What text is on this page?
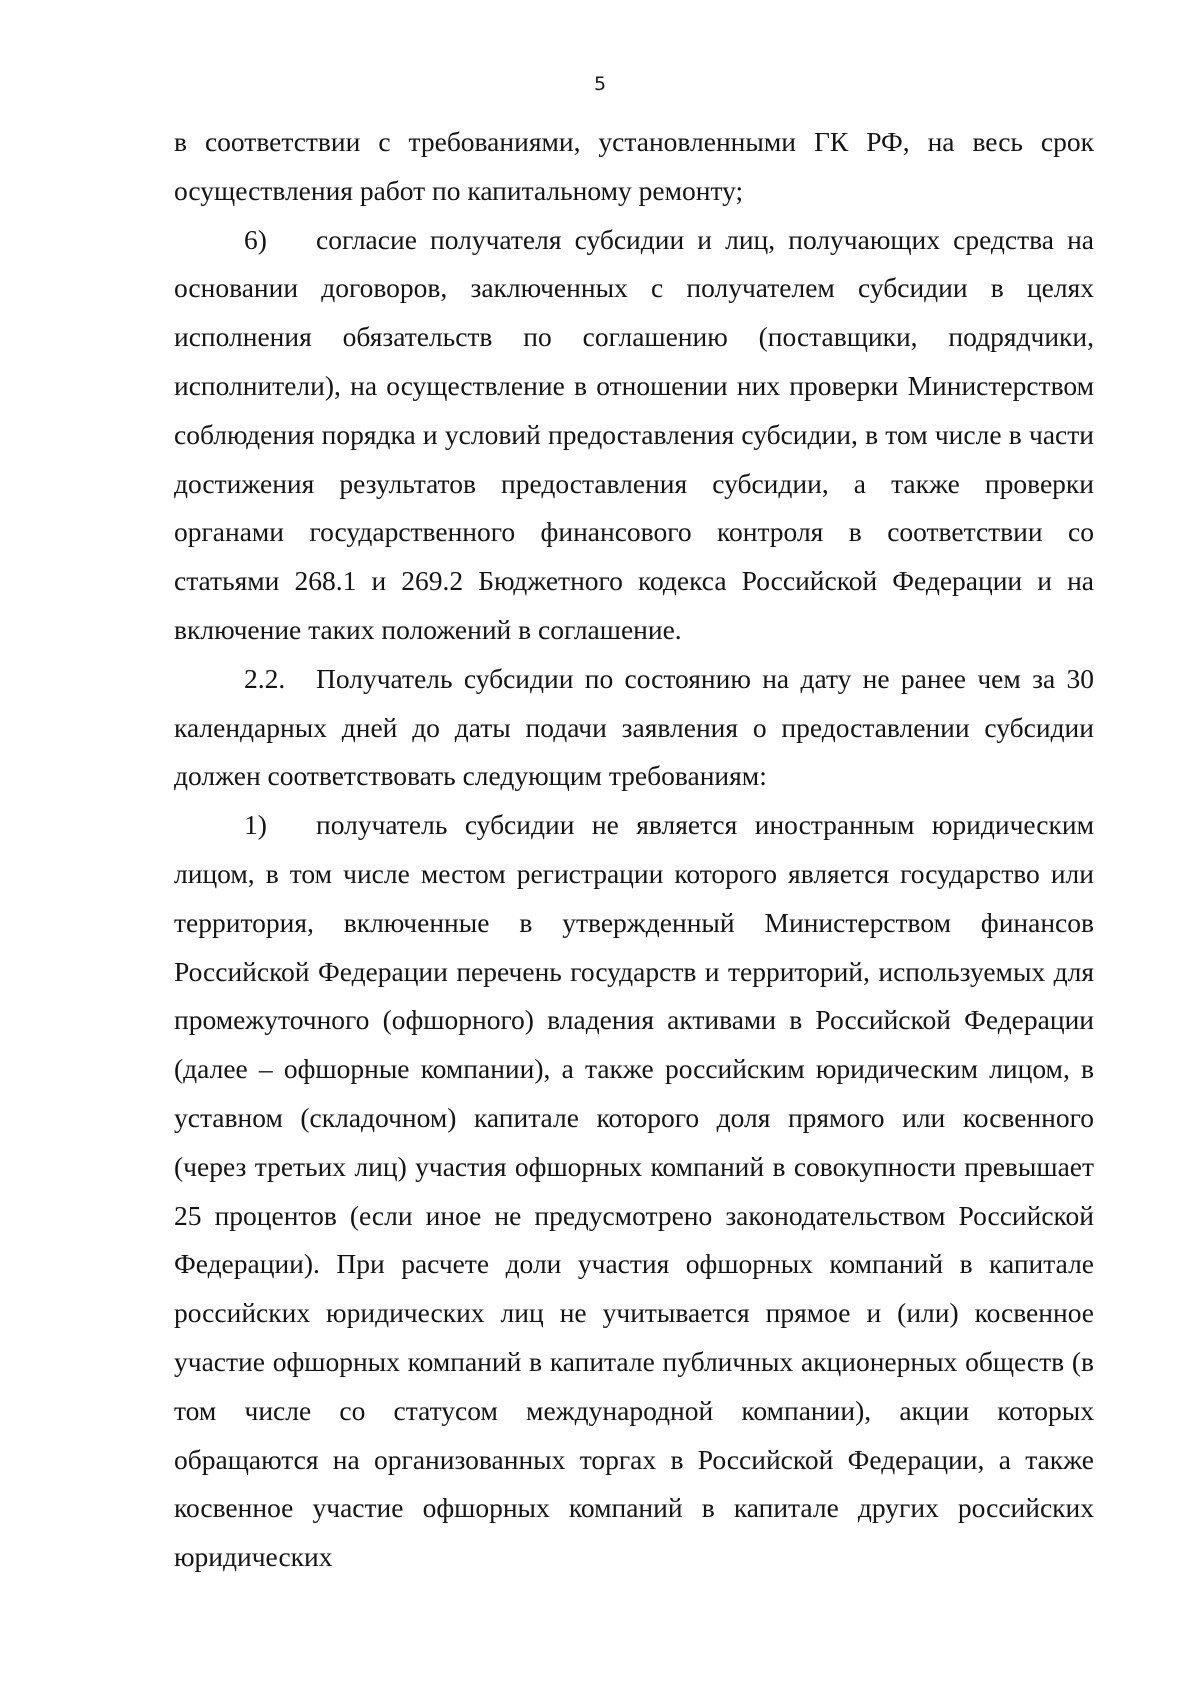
5

в соответствии с требованиями, установленными ГК РФ, на весь срок осуществления работ по капитальному ремонту;

6) согласие получателя субсидии и лиц, получающих средства на основании договоров, заключенных с получателем субсидии в целях исполнения обязательств по соглашению (поставщики, подрядчики, исполнители), на осуществление в отношении них проверки Министерством соблюдения порядка и условий предоставления субсидии, в том числе в части достижения результатов предоставления субсидии, а также проверки органами государственного финансового контроля в соответствии со статьями 268.1 и 269.2 Бюджетного кодекса Российской Федерации и на включение таких положений в соглашение.

2.2. Получатель субсидии по состоянию на дату не ранее чем за 30 календарных дней до даты подачи заявления о предоставлении субсидии должен соответствовать следующим требованиям:

1) получатель субсидии не является иностранным юридическим лицом, в том числе местом регистрации которого является государство или территория, включенные в утвержденный Министерством финансов Российской Федерации перечень государств и территорий, используемых для промежуточного (офшорного) владения активами в Российской Федерации (далее – офшорные компании), а также российским юридическим лицом, в уставном (складочном) капитале которого доля прямого или косвенного (через третьих лиц) участия офшорных компаний в совокупности превышает 25 процентов (если иное не предусмотрено законодательством Российской Федерации). При расчете доли участия офшорных компаний в капитале российских юридических лиц не учитывается прямое и (или) косвенное участие офшорных компаний в капитале публичных акционерных обществ (в том числе со статусом международной компании), акции которых обращаются на организованных торгах в Российской Федерации, а также косвенное участие офшорных компаний в капитале других российских юридических
